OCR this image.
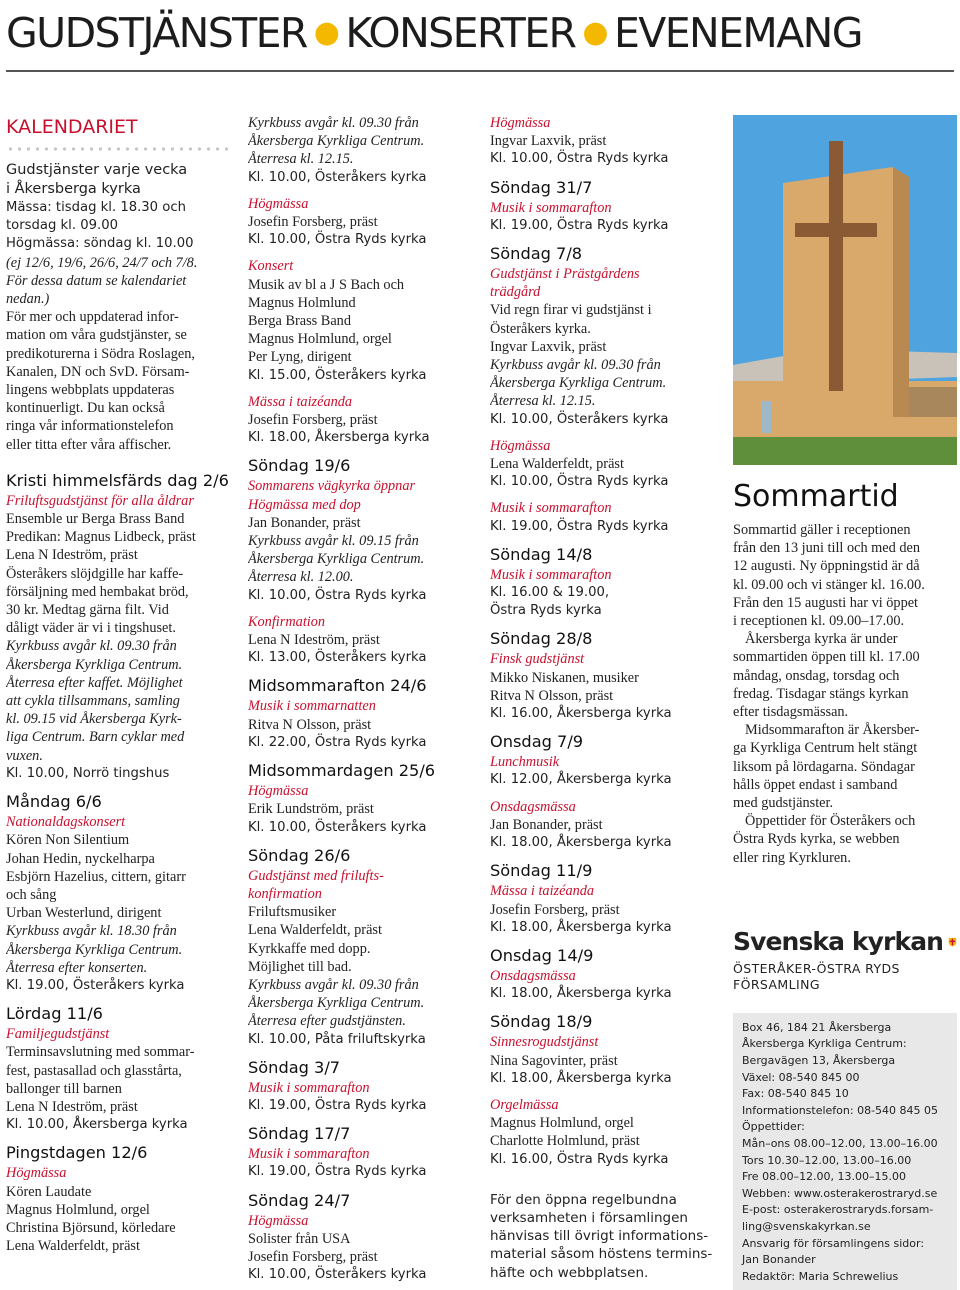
GUDSTJÄNSTER ● KONSERTER ● EVENEMANG

KALENDARIET

Gudstjänster varje vecka
i Åkersberga kyrka
Mässa: tisdag kl. 18.30 och
torsdag kl. 09.00
Högmässa: söndag kl. 10.00
(ej 12/6, 19/6, 26/6, 24/7 och 7/8.
För dessa datum se kalendariet
nedan.)
För mer och uppdaterad infor-
mation om våra gudstjänster, se
predikoturerna i Södra Roslagen,
Kanalen, DN och SvD. Försam-
lingens webbplats uppdateras
kontinuerligt. Du kan också
ringa vår informationstelefon
eller titta efter våra affischer.
Kristi himmelsfärds dag 2/6
Friluftsgudstjänst för alla åldrar
Ensemble ur Berga Brass Band
Predikan: Magnus Lidbeck, präst
Lena N Ideström, präst
Österåkers slöjdgille har kaffe-
försäljning med hembakat bröd,
30 kr. Medtag gärna filt. Vid
dåligt väder är vi i tingshuset.
Kyrkbuss avgår kl. 09.30 från
Åkersberga Kyrkliga Centrum.
Återresa efter kaffet. Möjlighet
att cykla tillsammans, samling
kl. 09.15 vid Åkersberga Kyrk-
liga Centrum. Barn cyklar med
vuxen.
Kl. 10.00, Norrö tingshus
Måndag 6/6
Nationaldagskonsert
Kören Non Silentium
Johan Hedin, nyckelharpa
Esbjörn Hazelius, cittern, gitarr
och sång
Urban Westerlund, dirigent
Kyrkbuss avgår kl. 18.30 från
Åkersberga Kyrkliga Centrum.
Återresa efter konserten.
Kl. 19.00, Österåkers kyrka
Lördag 11/6
Familjegudstjänst
Terminsavslutning med sommar-
fest, pastasallad och glasstårta,
ballonger till barnen
Lena N Ideström, präst
Kl. 10.00, Åkersberga kyrka
Pingstdagen 12/6
Högmässa
Kören Laudate
Magnus Holmlund, orgel
Christina Björsund, körledare
Lena Walderfeldt, präst
Kyrkbuss avgår kl. 09.30 från
Åkersberga Kyrkliga Centrum.
Återresa kl. 12.15.
Kl. 10.00, Österåkers kyrka
Högmässa
Josefin Forsberg, präst
Kl. 10.00, Östra Ryds kyrka
Konsert
Musik av bl a J S Bach och
Magnus Holmlund
Berga Brass Band
Magnus Holmlund, orgel
Per Lyng, dirigent
Kl. 15.00, Österåkers kyrka
Mässa i taizéanda
Josefin Forsberg, präst
Kl. 18.00, Åkersberga kyrka
Söndag 19/6
Sommarens vägkyrka öppnar
Högmässa med dop
Jan Bonander, präst
Kyrkbuss avgår kl. 09.15 från
Åkersberga Kyrkliga Centrum.
Återresa kl. 12.00.
Kl. 10.00, Östra Ryds kyrka
Konfirmation
Lena N Ideström, präst
Kl. 13.00, Österåkers kyrka
Midsommarafton 24/6
Musik i sommarnatten
Ritva N Olsson, präst
Kl. 22.00, Östra Ryds kyrka
Midsommardagen 25/6
Högmässa
Erik Lundström, präst
Kl. 10.00, Österåkers kyrka
Söndag 26/6
Gudstjänst med frilufts-
konfirmation
Friluftsmusiker
Lena Walderfeldt, präst
Kyrkkaffe med dopp.
Möjlighet till bad.
Kyrkbuss avgår kl. 09.30 från
Åkersberga Kyrkliga Centrum.
Återresa efter gudstjänsten.
Kl. 10.00, Påta friluftskyrka
Söndag 3/7
Musik i sommarafton
Kl. 19.00, Östra Ryds kyrka
Söndag 17/7
Musik i sommarafton
Kl. 19.00, Östra Ryds kyrka
Söndag 24/7
Högmässa
Solister från USA
Josefin Forsberg, präst
Kl. 10.00, Österåkers kyrka
Högmässa
Ingvar Laxvik, präst
Kl. 10.00, Östra Ryds kyrka
Söndag 31/7
Musik i sommarafton
Kl. 19.00, Östra Ryds kyrka
Söndag 7/8
Gudstjänst i Prästgårdens
trädgård
Vid regn firar vi gudstjänst i
Österåkers kyrka.
Ingvar Laxvik, präst
Kyrkbuss avgår kl. 09.30 från
Åkersberga Kyrkliga Centrum.
Återresa kl. 12.15.
Kl. 10.00, Österåkers kyrka
Högmässa
Lena Walderfeldt, präst
Kl. 10.00, Östra Ryds kyrka
Musik i sommarafton
Kl. 19.00, Östra Ryds kyrka
Söndag 14/8
Musik i sommarafton
Kl. 16.00 & 19.00,
Östra Ryds kyrka
Söndag 28/8
Finsk gudstjänst
Mikko Niskanen, musiker
Ritva N Olsson, präst
Kl. 16.00, Åkersberga kyrka
Onsdag 7/9
Lunchmusik
Kl. 12.00, Åkersberga kyrka
Onsdagsmässa
Jan Bonander, präst
Kl. 18.00, Åkersberga kyrka
Söndag 11/9
Mässa i taizéanda
Josefin Forsberg, präst
Kl. 18.00, Åkersberga kyrka
Onsdag 14/9
Onsdagsmässa
Kl. 18.00, Åkersberga kyrka
Söndag 18/9
Sinnesrogudstjänst
Nina Sagovinter, präst
Kl. 18.00, Åkersberga kyrka
Orgelmässa
Magnus Holmlund, orgel
Charlotte Holmlund, präst
Kl. 16.00, Östra Ryds kyrka
För den öppna regelbundna
verksamheten i församlingen
hänvisas till övrigt informations-
material såsom höstens termins-
häfte och webbplatsen.

Sommartid

Sommartid gäller i receptionen
från den 13 juni till och med den
12 augusti. Ny öppningstid är då
kl. 09.00 och vi stänger kl. 16.00.
Från den 15 augusti har vi öppet
i receptionen kl. 09.00–17.00.
Åkersberga kyrka är under
sommartiden öppen till kl. 17.00
måndag, onsdag, torsdag och
fredag. Tisdagar stängs kyrkan
efter tisdagsmässan.
Midsommarafton är Åkersber-
ga Kyrkliga Centrum helt stängt
liksom på lördagarna. Söndagar
hålls öppet endast i samband
med gudstjänster.
Öppettider för Österåkers och
Östra Ryds kyrka, se webben
eller ring Kyrkluren.
Svenska kyrkan
ÖSTERÅKER-ÖSTRA RYDS
FÖRSAMLING
Box 46, 184 21 Åkersberga
Åkersberga Kyrkliga Centrum:
Bergavägen 13, Åkersberga
Växel: 08-540 845 00
Fax: 08-540 845 10
Informationstelefon: 08-540 845 05
Öppettider:
Mån–ons 08.00–12.00, 13.00–16.00
Tors 10.30–12.00, 13.00–16.00
Fre 08.00–12.00, 13.00–15.00
Webben: www.osterakerostraryd.se
E-post: osterakerostraryds.forsam-
ling@svenskakyrkan.se
Ansvarig för församlingens sidor:
Jan Bonander
Redaktör: Maria Schrewelius
